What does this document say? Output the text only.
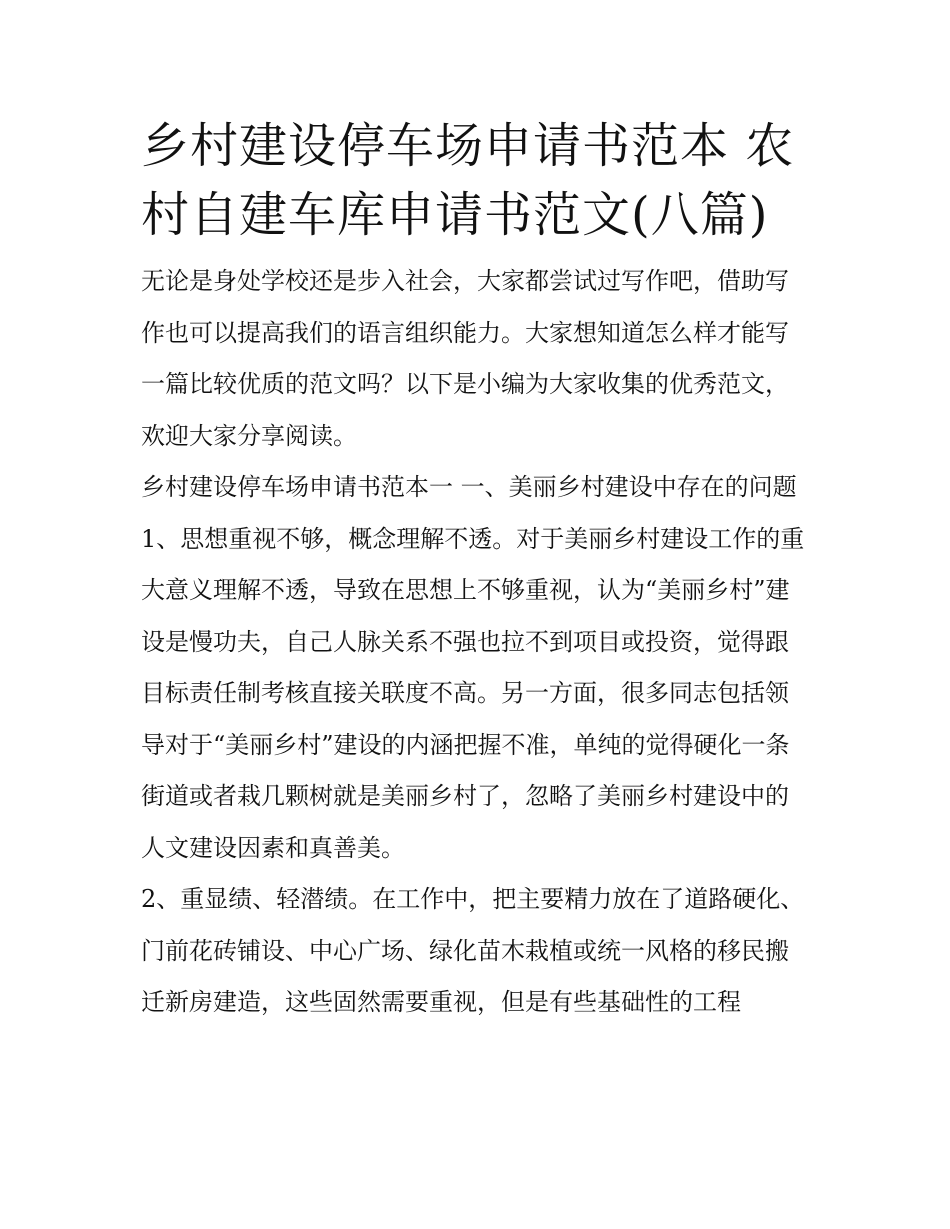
乡村建设停车场申请书范本 农村自建车库申请书范文(八篇)

无论是身处学校还是步入社会，大家都尝试过写作吧，借助写作也可以提高我们的语言组织能力。大家想知道怎么样才能写一篇比较优质的范文吗？以下是小编为大家收集的优秀范文，欢迎大家分享阅读。

乡村建设停车场申请书范本一 一、美丽乡村建设中存在的问题

1、思想重视不够，概念理解不透。对于美丽乡村建设工作的重大意义理解不透，导致在思想上不够重视，认为“美丽乡村”建设是慢功夫，自己人脉关系不强也拉不到项目或投资，觉得跟目标责任制考核直接关联度不高。另一方面，很多同志包括领导对于“美丽乡村”建设的内涵把握不准，单纯的觉得硬化一条街道或者栽几颗树就是美丽乡村了，忽略了美丽乡村建设中的人文建设因素和真善美。

2、重显绩、轻潜绩。在工作中，把主要精力放在了道路硬化、门前花砖铺设、中心广场、绿化苗木栽植或统一风格的移民搬迁新房建造，这些固然需要重视，但是有些基础性的工程
